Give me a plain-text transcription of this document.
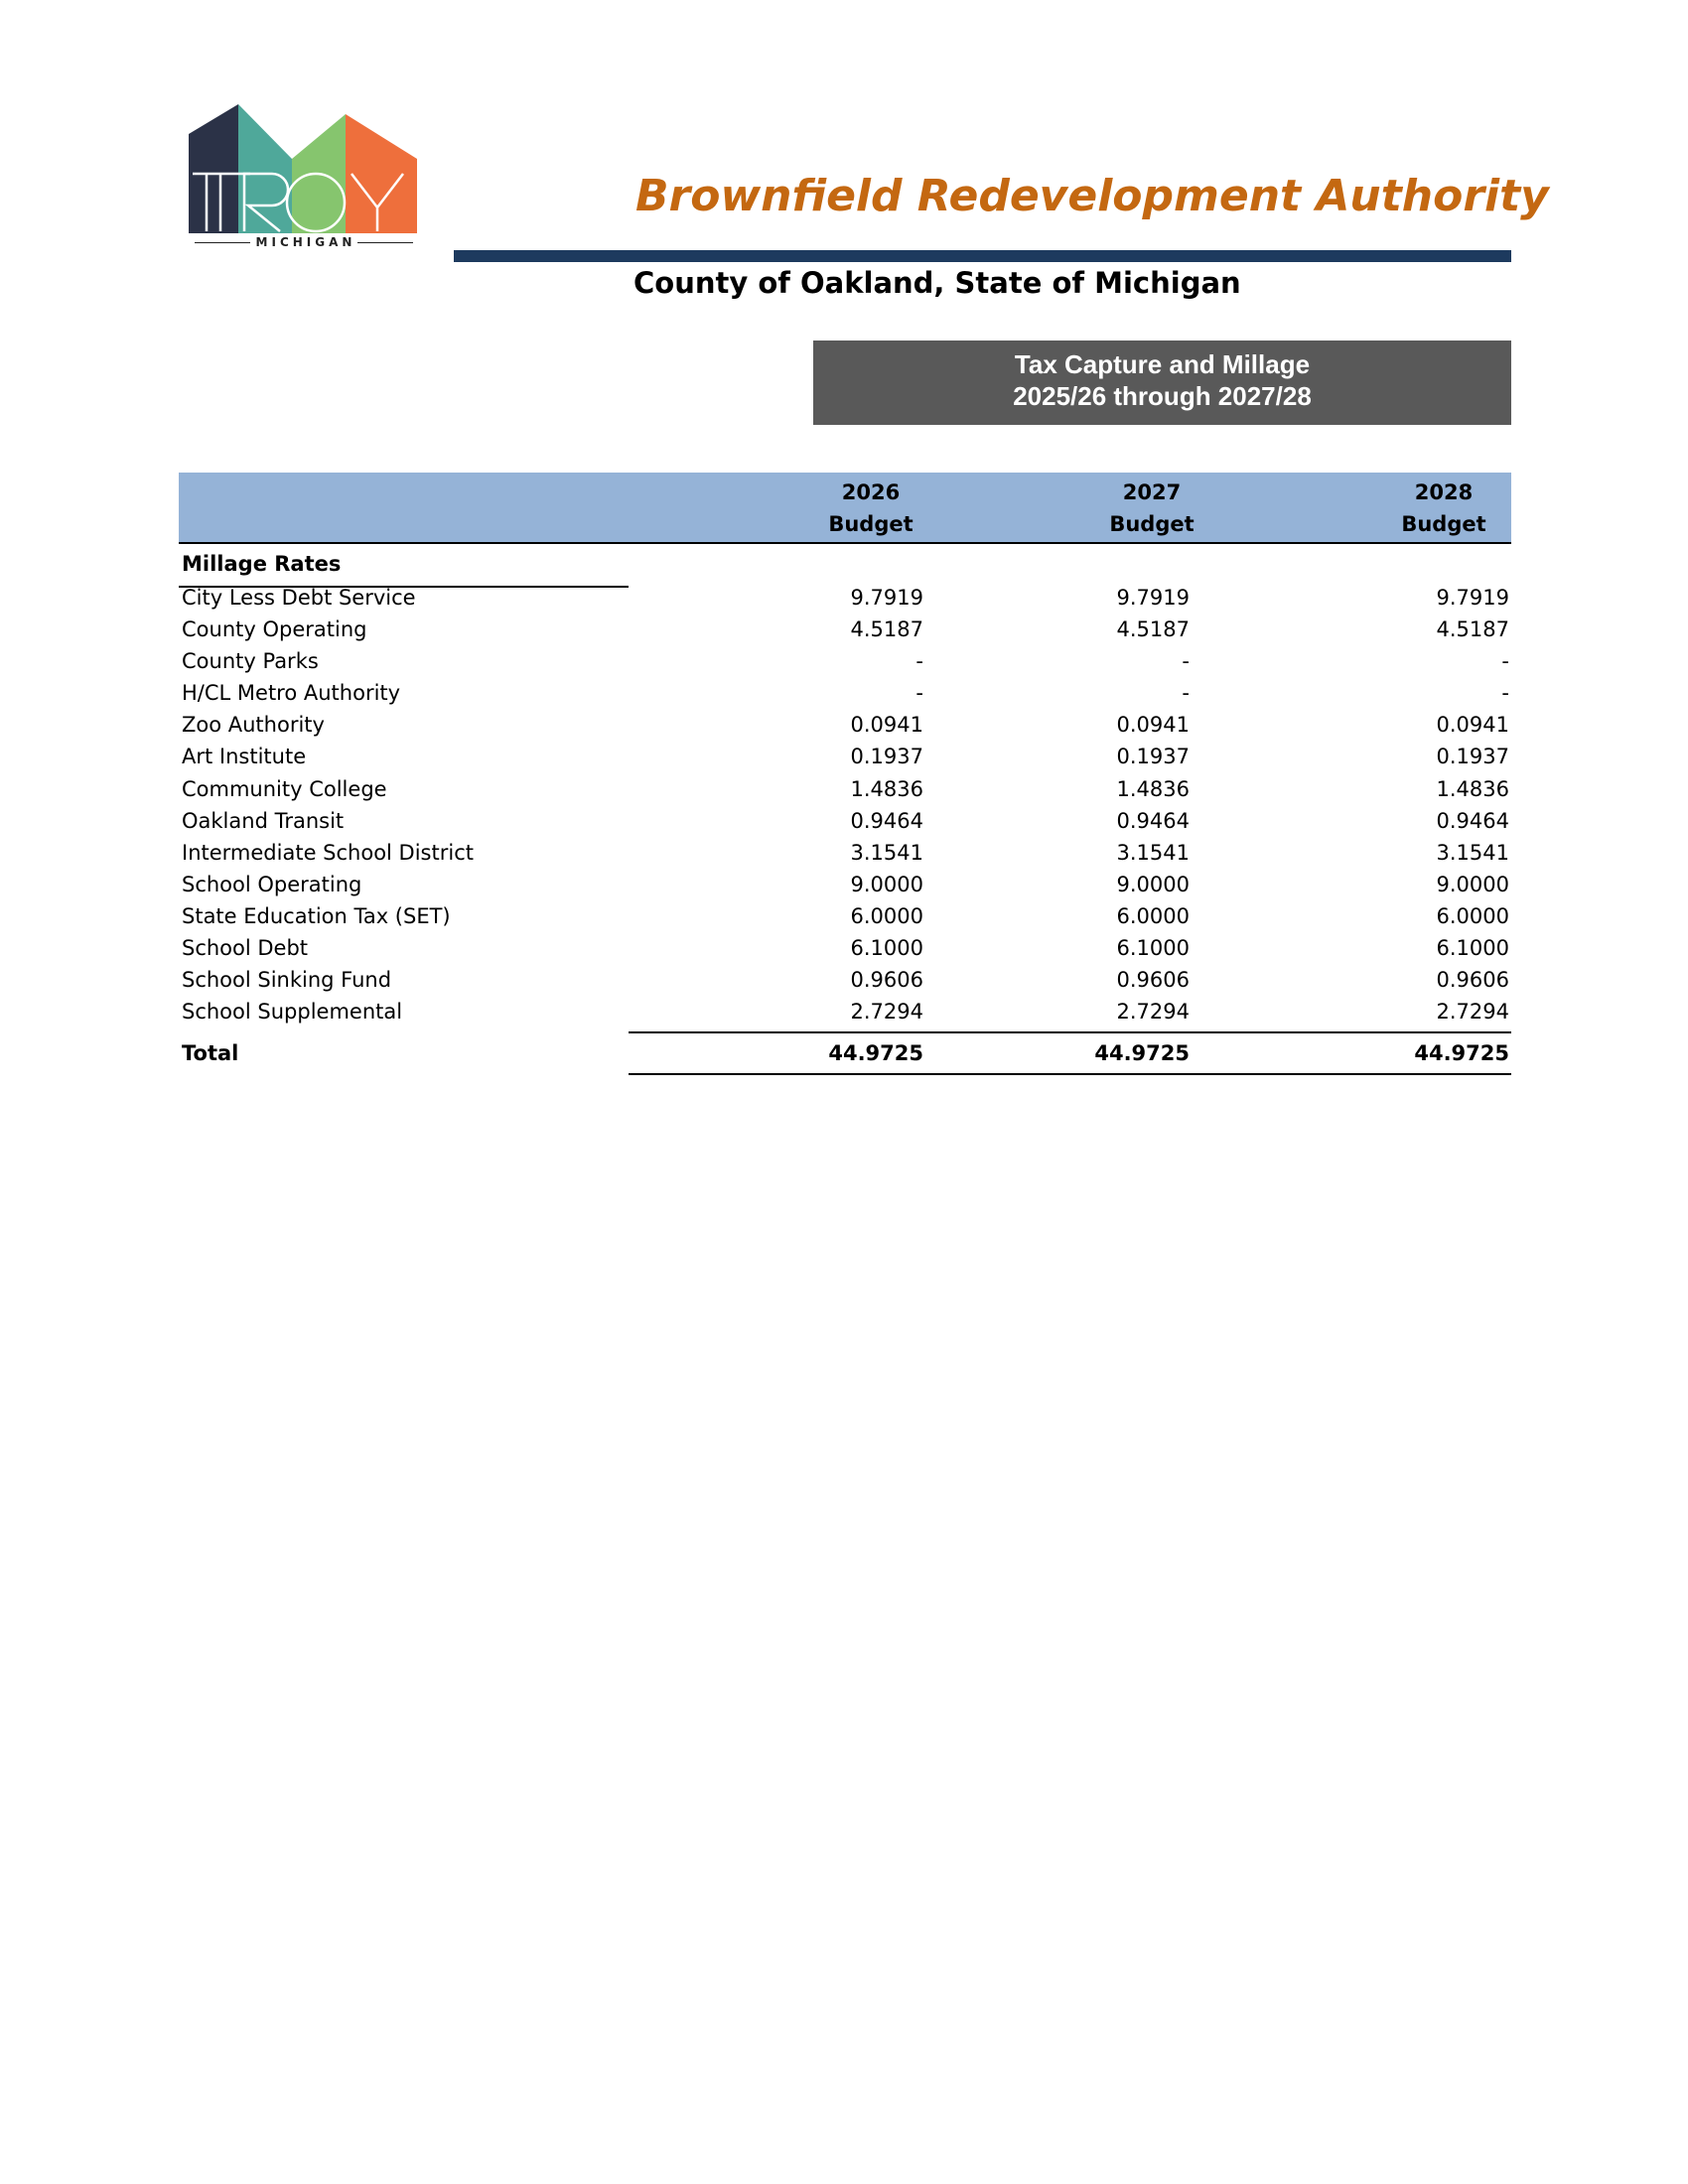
MICHIGAN
Brownfield Redevelopment Authority
County of Oakland, State of Michigan
Tax Capture and Millage
2025/26 through 2027/28
2026
Budget
2027
Budget
2028
Budget
Millage Rates
City Less Debt Service	9.7919	9.7919	9.7919
County Operating	4.5187	4.5187	4.5187
County Parks	-	-	-
H/CL Metro Authority	-	-	-
Zoo Authority	0.0941	0.0941	0.0941
Art Institute	0.1937	0.1937	0.1937
Community College	1.4836	1.4836	1.4836
Oakland Transit	0.9464	0.9464	0.9464
Intermediate School District	3.1541	3.1541	3.1541
School Operating	9.0000	9.0000	9.0000
State Education Tax (SET)	6.0000	6.0000	6.0000
School Debt	6.1000	6.1000	6.1000
School Sinking Fund	0.9606	0.9606	0.9606
School Supplemental	2.7294	2.7294	2.7294
Total	44.9725	44.9725	44.9725
